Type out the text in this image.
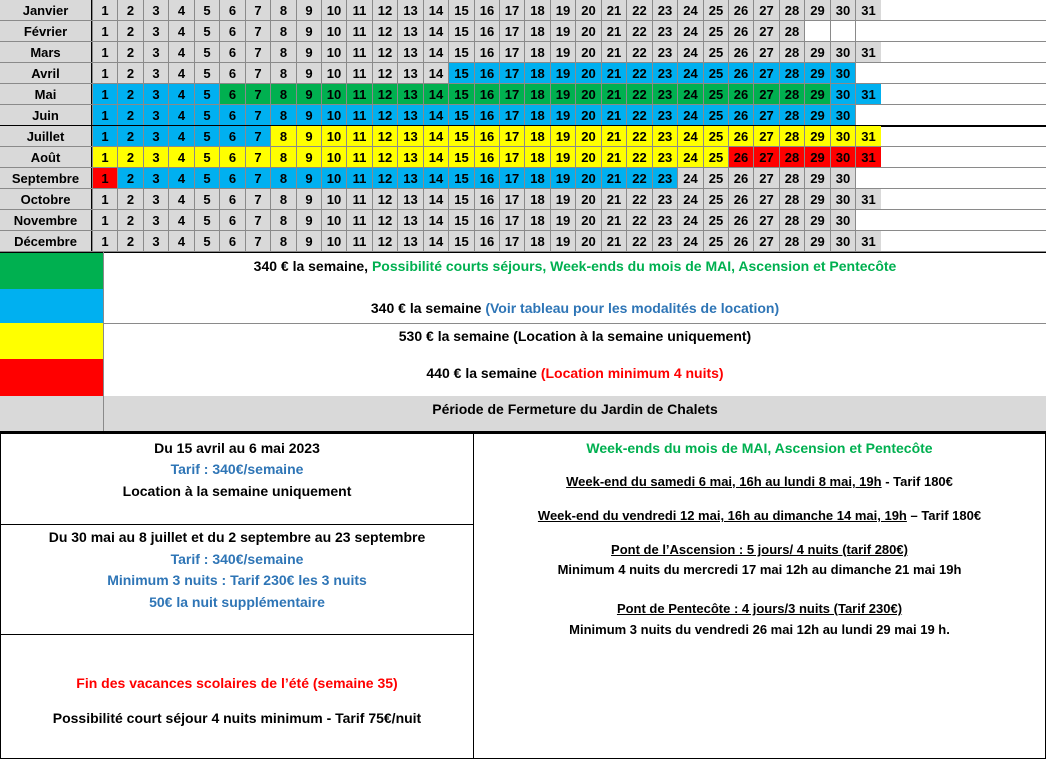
Janvier	1	2	3	4	5	6	7	8	9	10 11 12 13 14 15 16 17 18 19 20 21 22 23 24 25 26 27 28 29 30 31
Février	1	2	3	4	5	6	7	8	9	10 11 12 13 14 15 16 17 18 19 20 21 22 23 24 25 26 27 28
Mars	1	2	3	4	5	6	7	8	9	10 11 12 13 14 15 16 17 18 19 20 21 22 23 24 25 26 27 28 29 30 31
Avril	1	2	3	4	5	6	7	8	9	10 11 12 13 14 15 16 17 18 19 20 21 22 23 24 25 26 27 28 29 30
Mai	1	2	3	4	5	6	7	8	9	10 11 12 13 14 15 16 17 18 19 20 21 22 23 24 25 26 27 28 29 30 31
Juin	1	2	3	4	5	6	7	8	9	10 11 12 13 14 15 16 17 18 19 20 21 22 23 24 25 26 27 28 29 30
Juillet	1	2	3	4	5	6	7	8	9	10 11 12 13 14 15 16 17 18 19 20 21 22 23 24 25 26 27 28 29 30 31
Août	1	2	3	4	5	6	7	8	9	10 11 12 13 14 15 16 17 18 19 20 21 22 23 24 25 26 27 28 29 30 31
Septembre	1	2	3	4	5	6	7	8	9	10 11 12 13 14 15 16 17 18 19 20 21 22 23 24 25 26 27 28 29 30
Octobre	1	2	3	4	5	6	7	8	9	10 11 12 13 14 15 16 17 18 19 20 21 22 23 24 25 26 27 28 29 30 31
Novembre	1	2	3	4	5	6	7	8	9	10 11 12 13 14 15 16 17 18 19 20 21 22 23 24 25 26 27 28 29 30
Décembre	1	2	3	4	5	6	7	8	9	10 11 12 13 14 15 16 17 18 19 20 21 22 23 24 25 26 27 28 29 30 31
340 € la semaine, Possibilité courts séjours, Week-ends du mois de MAI, Ascension et Pentecôte
340 € la semaine (Voir tableau pour les modalités de location)
530 € la semaine (Location à la semaine uniquement)
440 € la semaine (Location minimum 4 nuits)
Période de Fermeture du Jardin de Chalets
Du 15 avril au 6 mai 2023
Tarif : 340€/semaine
Location à la semaine uniquement
Du 30 mai au 8 juillet et du 2 septembre au 23 septembre
Tarif : 340€/semaine
Minimum 3 nuits : Tarif 230€ les 3 nuits
50€ la nuit supplémentaire
Fin des vacances scolaires de l’été (semaine 35)
Possibilité court séjour 4 nuits minimum - Tarif 75€/nuit
Week-ends du mois de MAI, Ascension et Pentecôte
Week-end du samedi 6 mai, 16h au lundi 8 mai, 19h - Tarif 180€
Week-end du vendredi 12 mai, 16h au dimanche 14 mai, 19h – Tarif 180€
Pont de l’Ascension : 5 jours/ 4 nuits (tarif 280€)
Minimum 4 nuits du mercredi 17 mai 12h au dimanche 21 mai 19h
Pont de Pentecôte : 4 jours/3 nuits (Tarif 230€)
Minimum 3 nuits du vendredi 26 mai 12h au lundi 29 mai 19 h.
